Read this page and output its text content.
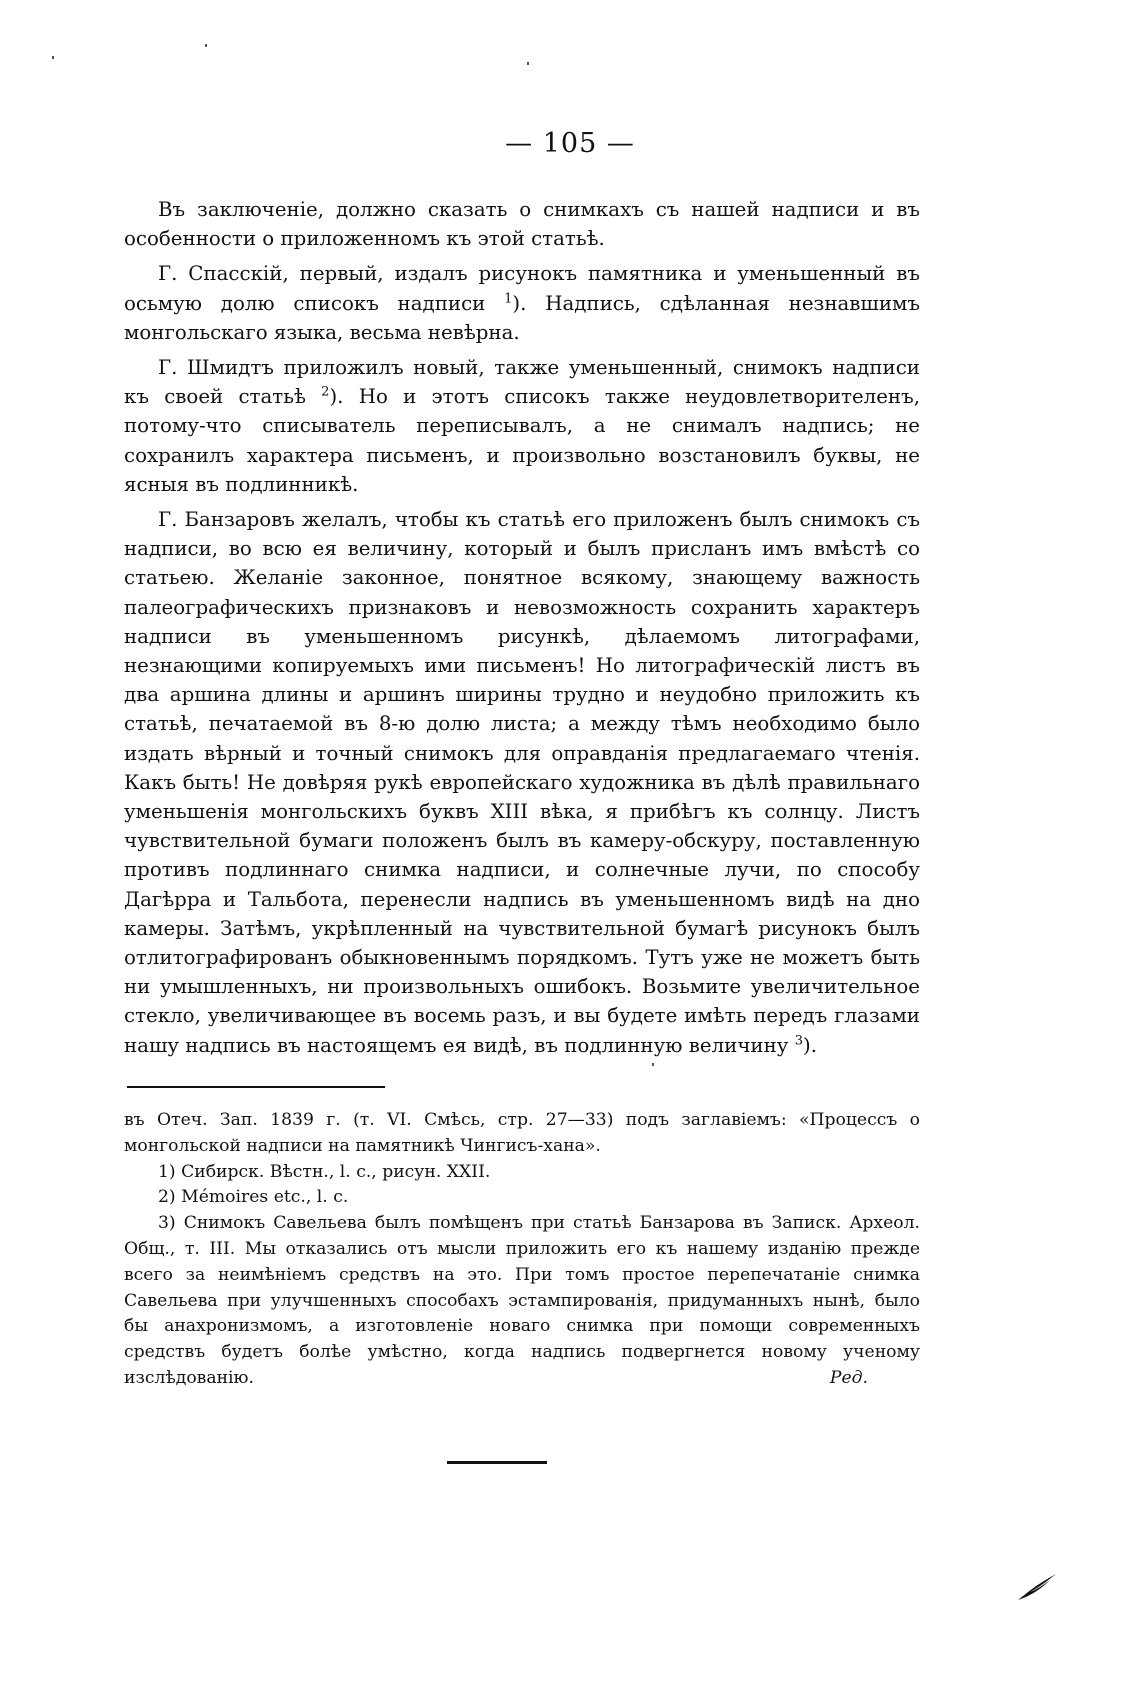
— 105 —

Въ заключеніе, должно сказать о снимкахъ съ нашей надписи и въ особенности о приложенномъ къ этой статьѣ.

Г. Спасскій, первый, издалъ рисунокъ памятника и уменьшенный въ осьмую долю списокъ надписи $^1$). Надпись, сдѣланная незнавшимъ монгольскаго языка, весьма невѣрна.

Г. Шмидтъ приложилъ новый, также уменьшенный, снимокъ надписи къ своей статьѣ $^2$). Но и этотъ списокъ также неудовлетворителенъ, потому-что списыватель переписывалъ, а не снималъ надпись; не сохранилъ характера письменъ, и произвольно возстановилъ буквы, не ясныя въ подлинникѣ.

Г. Банзаровъ желалъ, чтобы къ статьѣ его приложенъ былъ снимокъ съ надписи, во всю ея величину, который и былъ присланъ имъ вмѣстѣ со статьею. Желаніе законное, понятное всякому, знающему важность палеографическихъ признаковъ и невозможность сохранить характеръ надписи въ уменьшенномъ рисункѣ, дѣлаемомъ литографами, незнающими копируемыхъ ими письменъ! Но литографическій листъ въ два аршина длины и аршинъ ширины трудно и неудобно приложить къ статьѣ, печатаемой въ 8-ю долю листа; а между тѣмъ необходимо было издать вѣрный и точный снимокъ для оправданія предлагаемаго чтенія. Какъ быть! Не довѣряя рукѣ европейскаго художника въ дѣлѣ правильнаго уменьшенія монгольскихъ буквъ XIII вѣка, я прибѣгъ къ солнцу. Листъ чувствительной бумаги положенъ былъ въ камеру-обскуру, поставленную противъ подлиннаго снимка надписи, и солнечные лучи, по способу Дагѣрра и Тальбота, перенесли надпись въ уменьшенномъ видѣ на дно камеры. Затѣмъ, укрѣпленный на чувствительной бумагѣ рисунокъ былъ отлитографированъ обыкновеннымъ порядкомъ. Тутъ уже не можетъ быть ни умышленныхъ, ни произвольныхъ ошибокъ. Возьмите увеличительное стекло, увеличивающее въ восемь разъ, и вы будете имѣть передъ глазами нашу надпись въ настоящемъ ея видѣ, въ подлинную величину $^3$).

въ Отеч. Зап. 1839 г. (т. VI. Смѣсь, стр. 27—33) подъ заглавіемъ: «Процессъ о монгольской надписи на памятникѣ Чингисъ-хана».

1) Сибирск. Вѣстн., l. c., рисун. XXII.

2) Mémoires etc., l. c.

3) Снимокъ Савельева былъ помѣщенъ при статьѣ Банзарова въ Записк. Археол. Общ., т. III. Мы отказались отъ мысли приложить его къ нашему изданію прежде всего за неимѣніемъ средствъ на это. При томъ простое перепечатаніе снимка Савельева при улучшенныхъ способахъ эстампированія, придуманныхъ нынѣ, было бы анахронизмомъ, а изготовленіе новаго снимка при помощи современныхъ средствъ будетъ болѣе умѣстно, когда надпись подвергнется новому ученому изслѣдованію.	Ред.
